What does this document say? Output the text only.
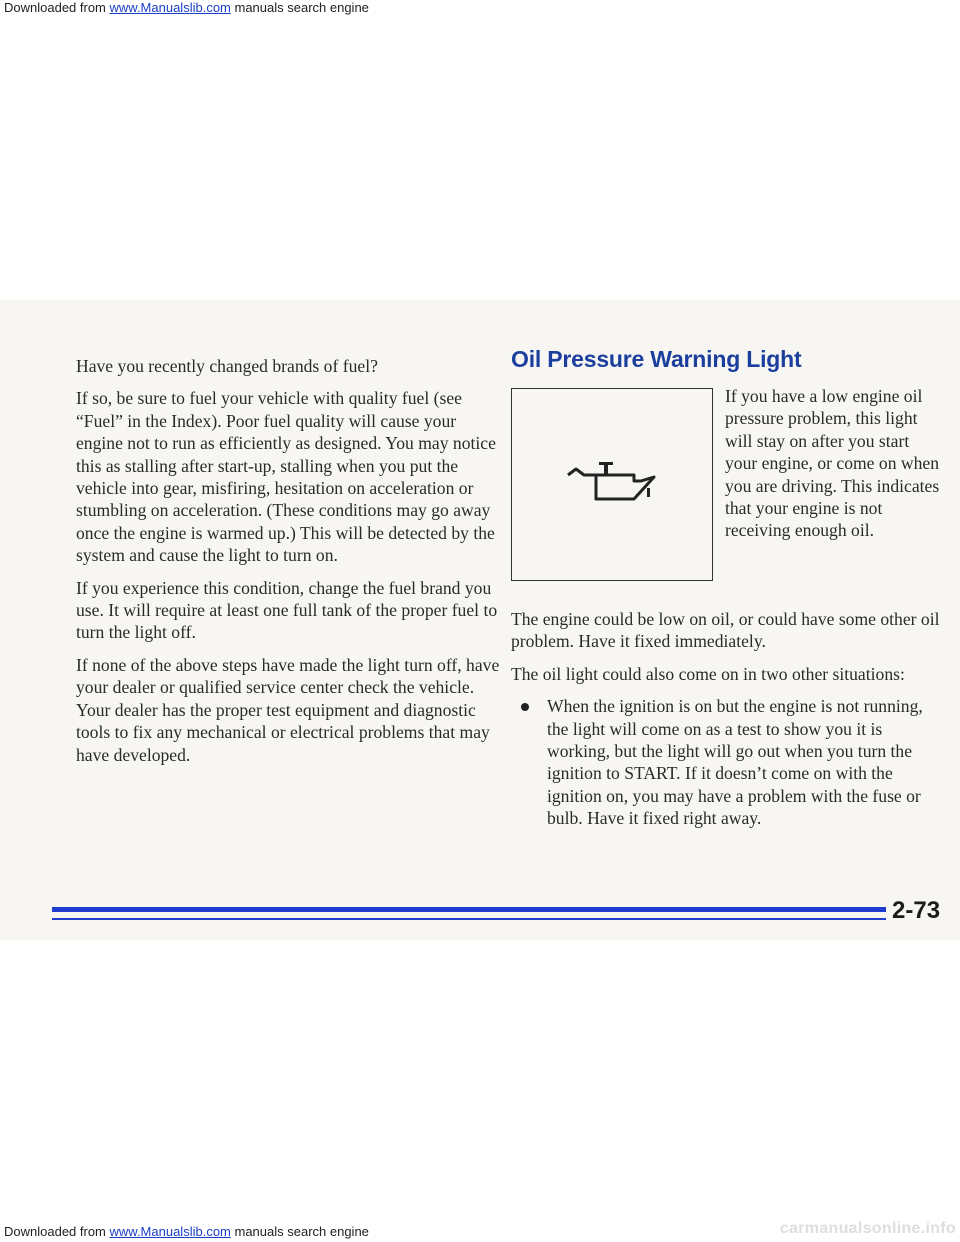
Downloaded from www.Manualslib.com manuals search engine

Have you recently changed brands of fuel?

If so, be sure to fuel your vehicle with quality fuel (see “Fuel” in the Index). Poor fuel quality will cause your engine not to run as efficiently as designed. You may notice this as stalling after start-up, stalling when you put the vehicle into gear, misfiring, hesitation on acceleration or stumbling on acceleration. (These conditions may go away once the engine is warmed up.) This will be detected by the system and cause the light to turn on.

If you experience this condition, change the fuel brand you use. It will require at least one full tank of the proper fuel to turn the light off.

If none of the above steps have made the light turn off, have your dealer or qualified service center check the vehicle. Your dealer has the proper test equipment and diagnostic tools to fix any mechanical or electrical problems that may have developed.

Oil Pressure Warning Light

If you have a low engine oil pressure problem, this light will stay on after you start your engine, or come on when you are driving. This indicates that your engine is not receiving enough oil.

The engine could be low on oil, or could have some other oil problem. Have it fixed immediately.

The oil light could also come on in two other situations:

When the ignition is on but the engine is not running, the light will come on as a test to show you it is working, but the light will go out when you turn the ignition to START. If it doesn’t come on with the ignition on, you may have a problem with the fuse or bulb. Have it fixed right away.
2-73
Downloaded from www.Manualslib.com manuals search engine	carmanualsonline.info
